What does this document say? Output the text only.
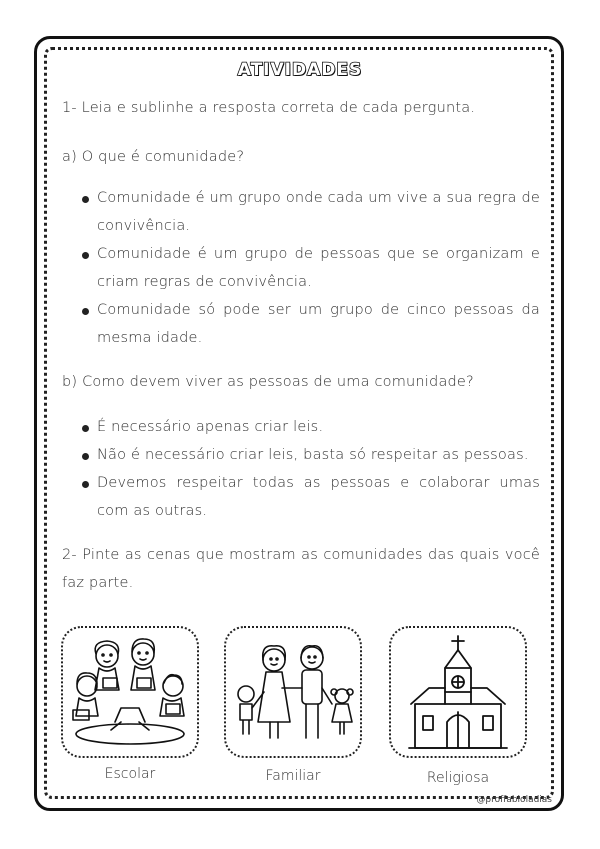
ATIVIDADES
1- Leia e sublinhe a resposta correta de cada pergunta.
a) O que é comunidade?
Comunidade é um grupo onde cada um vive a sua regra de convivência.
Comunidade é um grupo de pessoas que se organizam e criam regras de convivência.
Comunidade só pode ser um grupo de cinco pessoas da mesma idade.
b) Como devem viver as pessoas de uma comunidade?
É necessário apenas criar leis.
Não é necessário criar leis, basta só respeitar as pessoas.
Devemos respeitar todas as pessoas e colaborar umas com as outras.
2- Pinte as cenas que mostram as comunidades das quais você faz parte.
Escolar	Familiar	Religiosa
@proffabioladias
